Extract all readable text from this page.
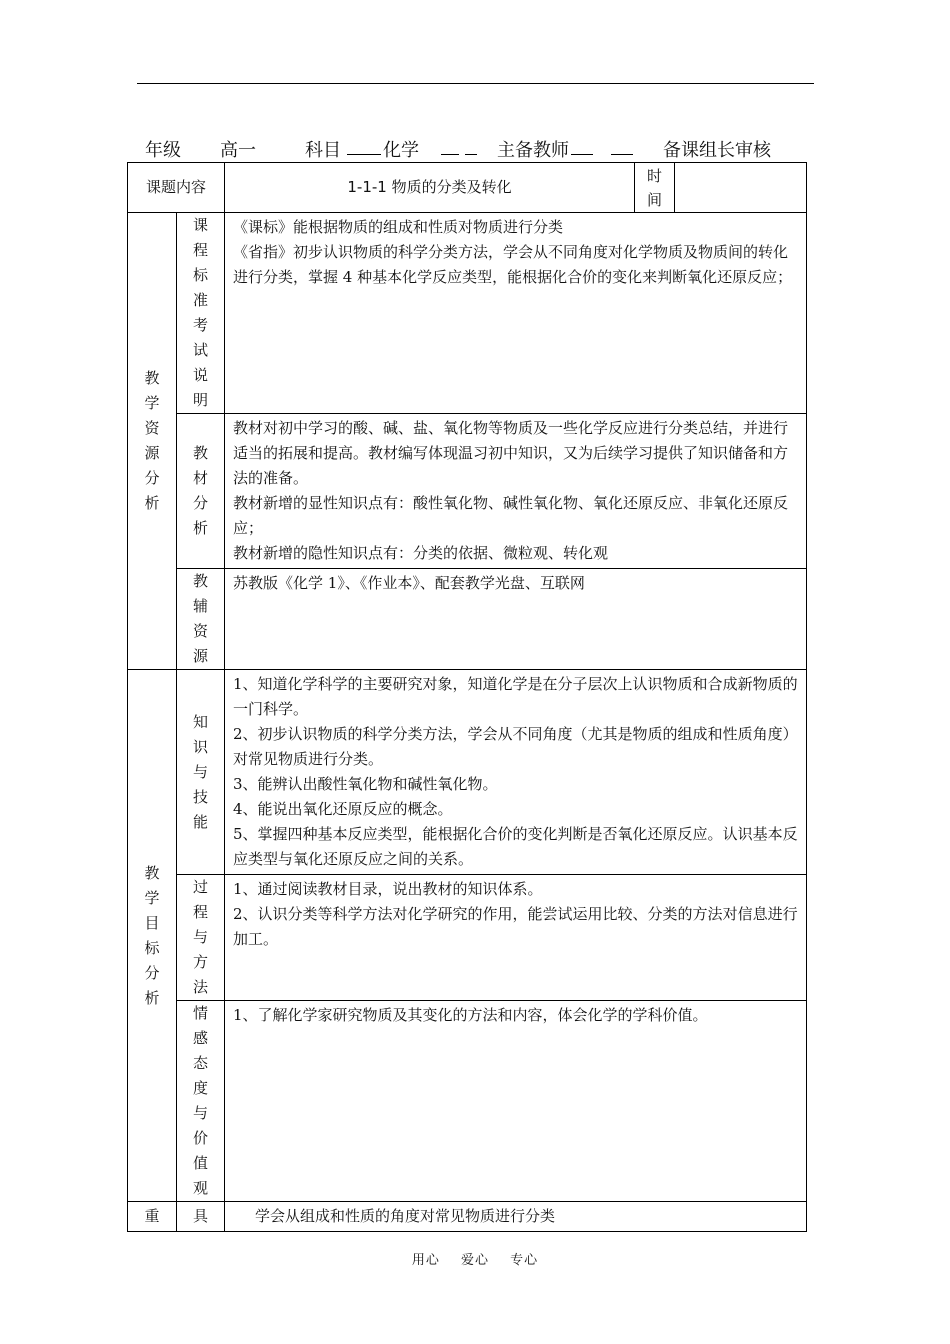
年级 高一	科目 化学	主备教师	备课组长审核
课题内容		1-1-1 物质的分类及转化	时间	

教学资源分析	课程标准考试说明	《课标》能根据物质的组成和性质对物质进行分类

《省指》初步认识物质的科学分类方法，学会从不同角度对化学物质及物质间的转化进行分类，掌握 4 种基本化学反应类型，能根据化合价的变化来判断氧化还原反应；		

	教材分析	教材对初中学习的酸、碱、盐、氧化物等物质及一些化学反应进行分类总结，并进行适当的拓展和提高。教材编写体现温习初中知识，又为后续学习提供了知识储备和方法的准备。

教材新增的显性知识点有：酸性氧化物、碱性氧化物、氧化还原反应、非氧化还原反应；

教材新增的隐性知识点有：分类的依据、微粒观、转化观		

	教辅资源	苏教版《化学 1》、《作业本》、配套教学光盘、互联网		

教学目标分析	知识与技能	1、知道化学科学的主要研究对象，知道化学是在分子层次上认识物质和合成新物质的一门科学。

2、初步认识物质的科学分类方法，学会从不同角度（尤其是物质的组成和性质角度）对常见物质进行分类。

3、能辨认出酸性氧化物和碱性氧化物。

4、能说出氧化还原反应的概念。

5、掌握四种基本反应类型，能根据化合价的变化判断是否氧化还原反应。认识基本反应类型与氧化还原反应之间的关系。		

	过程与方法	1、通过阅读教材目录，说出教材的知识体系。

2、认识分类等科学方法对化学研究的作用，能尝试运用比较、分类的方法对信息进行加工。		

	情感态度与价值观	1、了解化学家研究物质及其变化的方法和内容，体会化学的学科价值。		
重	具	学会从组成和性质的角度对常见物质进行分类		
用心 爱心 专心
